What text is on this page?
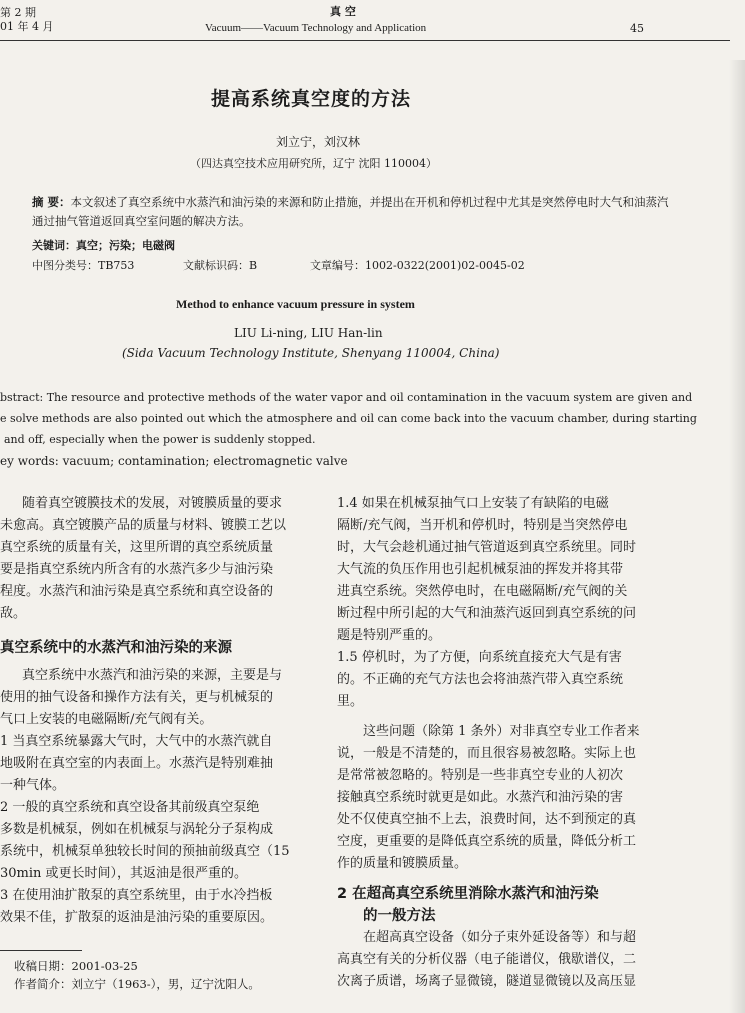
第 2 期
01 年 4 月
真 空
Vacuum——Vacuum Technology and Application	45
提高系统真空度的方法
刘立宁，刘汉林
（四达真空技术应用研究所，辽宁 沈阳 110004）
摘 要：本文叙述了真空系统中水蒸汽和油污染的来源和防止措施，并提出在开机和停机过程中尤其是突然停电时大气和油蒸汽通过抽气管道返回真空室问题的解决方法。
关键词：真空；污染；电磁阀
中图分类号：TB753	文献标识码：B	文章编号：1002-0322(2001)02-0045-02
Method to enhance vacuum pressure in system
LIU Li-ning, LIU Han-lin
(Sida Vacuum Technology Institute, Shenyang 110004, China)
bstract: The resource and protective methods of the water vapor and oil contamination in the vacuum system are given and
e solve methods are also pointed out which the atmosphere and oil can come back into the vacuum chamber, during starting
and off, especially when the power is suddenly stopped.
ey words: vacuum; contamination; electromagnetic valve

随着真空镀膜技术的发展，对镀膜质量的要求

未愈高。真空镀膜产品的质量与材料、镀膜工艺以

真空系统的质量有关，这里所谓的真空系统质量

要是指真空系统内所含有的水蒸汽多少与油污染

程度。水蒸汽和油污染是真空系统和真空设备的

敌。

真空系统中的水蒸汽和油污染的来源

真空系统中水蒸汽和油污染的来源，主要是与

使用的抽气设备和操作方法有关，更与机械泵的

气口上安装的电磁隔断/充气阀有关。

1 当真空系统暴露大气时，大气中的水蒸汽就自

地吸附在真空室的内表面上。水蒸汽是特别难抽

一种气体。

2 一般的真空系统和真空设备其前级真空泵绝

多数是机械泵，例如在机械泵与涡轮分子泵构成

系统中，机械泵单独较长时间的预抽前级真空（15

30min 或更长时间），其返油是很严重的。

3 在使用油扩散泵的真空系统里，由于水冷挡板

效果不佳，扩散泵的返油是油污染的重要原因。

收稿日期：2001-03-25
作者简介：刘立宁（1963-），男，辽宁沈阳人。

1.4 如果在机械泵抽气口上安装了有缺陷的电磁

隔断/充气阀，当开机和停机时，特别是当突然停电

时，大气会趁机通过抽气管道返到真空系统里。同时

大气流的负压作用也引起机械泵油的挥发并将其带

进真空系统。突然停电时，在电磁隔断/充气阀的关

断过程中所引起的大气和油蒸汽返回到真空系统的问

题是特别严重的。

1.5 停机时，为了方便，向系统直接充大气是有害

的。不正确的充气方法也会将油蒸汽带入真空系统

里。

这些问题（除第 1 条外）对非真空专业工作者来

说，一般是不清楚的，而且很容易被忽略。实际上也

是常常被忽略的。特别是一些非真空专业的人初次

接触真空系统时就更是如此。水蒸汽和油污染的害

处不仅使真空抽不上去，浪费时间，达不到预定的真

空度，更重要的是降低真空系统的质量，降低分析工

作的质量和镀膜质量。

2 在超高真空系统里消除水蒸汽和油污染

的一般方法

在超高真空设备（如分子束外延设备等）和与超

高真空有关的分析仪器（电子能谱仪，俄歇谱仪，二

次离子质谱，场离子显微镜，隧道显微镜以及高压显
